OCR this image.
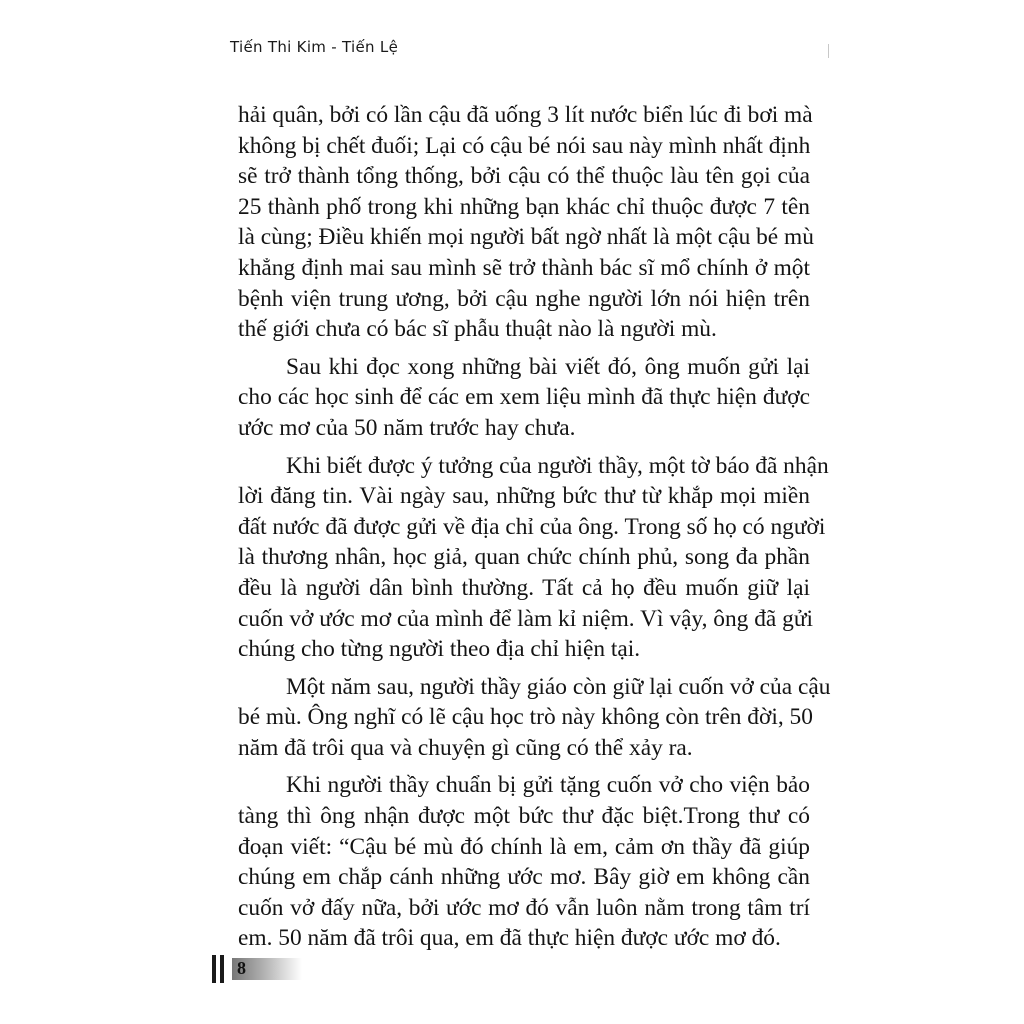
Tiến Thi Kim - Tiến Lệ
hải quân, bởi có lần cậu đã uống 3 lít nước biển lúc đi bơi mà
không bị chết đuối; Lại có cậu bé nói sau này mình nhất định
sẽ trở thành tổng thống, bởi cậu có thể thuộc làu tên gọi của
25 thành phố trong khi những bạn khác chỉ thuộc được 7 tên
là cùng; Điều khiến mọi người bất ngờ nhất là một cậu bé mù
khẳng định mai sau mình sẽ trở thành bác sĩ mổ chính ở một
bệnh viện trung ương, bởi cậu nghe người lớn nói hiện trên
thế giới chưa có bác sĩ phẫu thuật nào là người mù.
Sau khi đọc xong những bài viết đó, ông muốn gửi lại
cho các học sinh để các em xem liệu mình đã thực hiện được
ước mơ của 50 năm trước hay chưa.
Khi biết được ý tưởng của người thầy, một tờ báo đã nhận
lời đăng tin. Vài ngày sau, những bức thư từ khắp mọi miền
đất nước đã được gửi về địa chỉ của ông. Trong số họ có người
là thương nhân, học giả, quan chức chính phủ, song đa phần
đều là người dân bình thường. Tất cả họ đều muốn giữ lại
cuốn vở ước mơ của mình để làm kỉ niệm. Vì vậy, ông đã gửi
chúng cho từng người theo địa chỉ hiện tại.
Một năm sau, người thầy giáo còn giữ lại cuốn vở của cậu
bé mù. Ông nghĩ có lẽ cậu học trò này không còn trên đời, 50
năm đã trôi qua và chuyện gì cũng có thể xảy ra.
Khi người thầy chuẩn bị gửi tặng cuốn vở cho viện bảo
tàng thì ông nhận được một bức thư đặc biệt.Trong thư có
đoạn viết: “Cậu bé mù đó chính là em, cảm ơn thầy đã giúp
chúng em chắp cánh những ước mơ. Bây giờ em không cần
cuốn vở đấy nữa, bởi ước mơ đó vẫn luôn nằm trong tâm trí
em. 50 năm đã trôi qua, em đã thực hiện được ước mơ đó.
8
